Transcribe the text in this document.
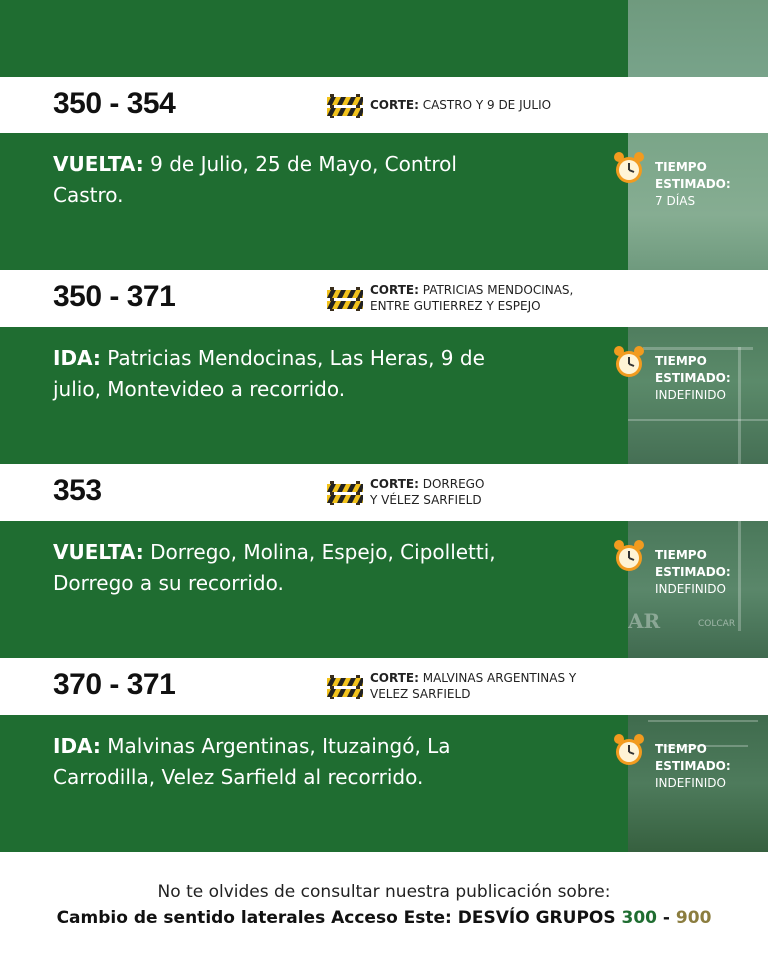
AR	COLCAR
350 - 354	CORTE: CASTRO Y 9 DE JULIO
VUELTA: 9 de Julio, 25 de Mayo, Control Castro.
TIEMPO
ESTIMADO:
7 DÍAS
350 - 371	CORTE: PATRICIAS MENDOCINAS,
ENTRE GUTIERREZ Y ESPEJO
IDA: Patricias Mendocinas, Las Heras, 9 de julio, Montevideo a recorrido.
TIEMPO
ESTIMADO:
INDEFINIDO
353	CORTE: DORREGO
Y VÉLEZ SARFIELD
VUELTA: Dorrego, Molina, Espejo, Cipolletti, Dorrego a su recorrido.
TIEMPO
ESTIMADO:
INDEFINIDO
370 - 371	CORTE: MALVINAS ARGENTINAS Y
VELEZ SARFIELD
IDA: Malvinas Argentinas, Ituzaingó, La Carrodilla, Velez Sarfield al recorrido.
TIEMPO
ESTIMADO:
INDEFINIDO
No te olvides de consultar nuestra publicación sobre:
Cambio de sentido laterales Acceso Este: DESVÍO GRUPOS 300 - 900
